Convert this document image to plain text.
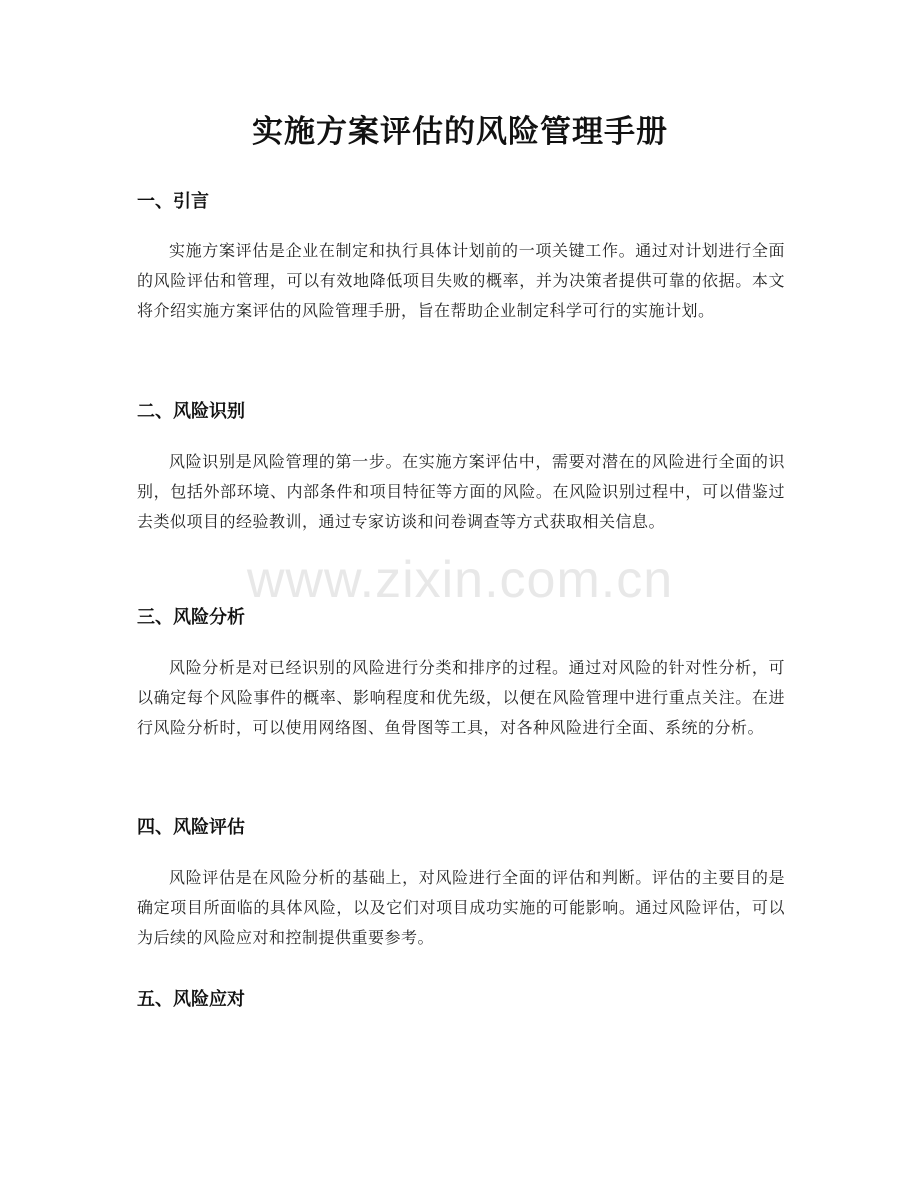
www.zixin.com.cn
实施方案评估的风险管理手册
一、引言

实施方案评估是企业在制定和执行具体计划前的一项关键工作。通过对计划进行全面的风险评估和管理，可以有效地降低项目失败的概率，并为决策者提供可靠的依据。本文将介绍实施方案评估的风险管理手册，旨在帮助企业制定科学可行的实施计划。

二、风险识别

风险识别是风险管理的第一步。在实施方案评估中，需要对潜在的风险进行全面的识别，包括外部环境、内部条件和项目特征等方面的风险。在风险识别过程中，可以借鉴过去类似项目的经验教训，通过专家访谈和问卷调查等方式获取相关信息。

三、风险分析

风险分析是对已经识别的风险进行分类和排序的过程。通过对风险的针对性分析，可以确定每个风险事件的概率、影响程度和优先级，以便在风险管理中进行重点关注。在进行风险分析时，可以使用网络图、鱼骨图等工具，对各种风险进行全面、系统的分析。

四、风险评估

风险评估是在风险分析的基础上，对风险进行全面的评估和判断。评估的主要目的是确定项目所面临的具体风险，以及它们对项目成功实施的可能影响。通过风险评估，可以为后续的风险应对和控制提供重要参考。

五、风险应对
